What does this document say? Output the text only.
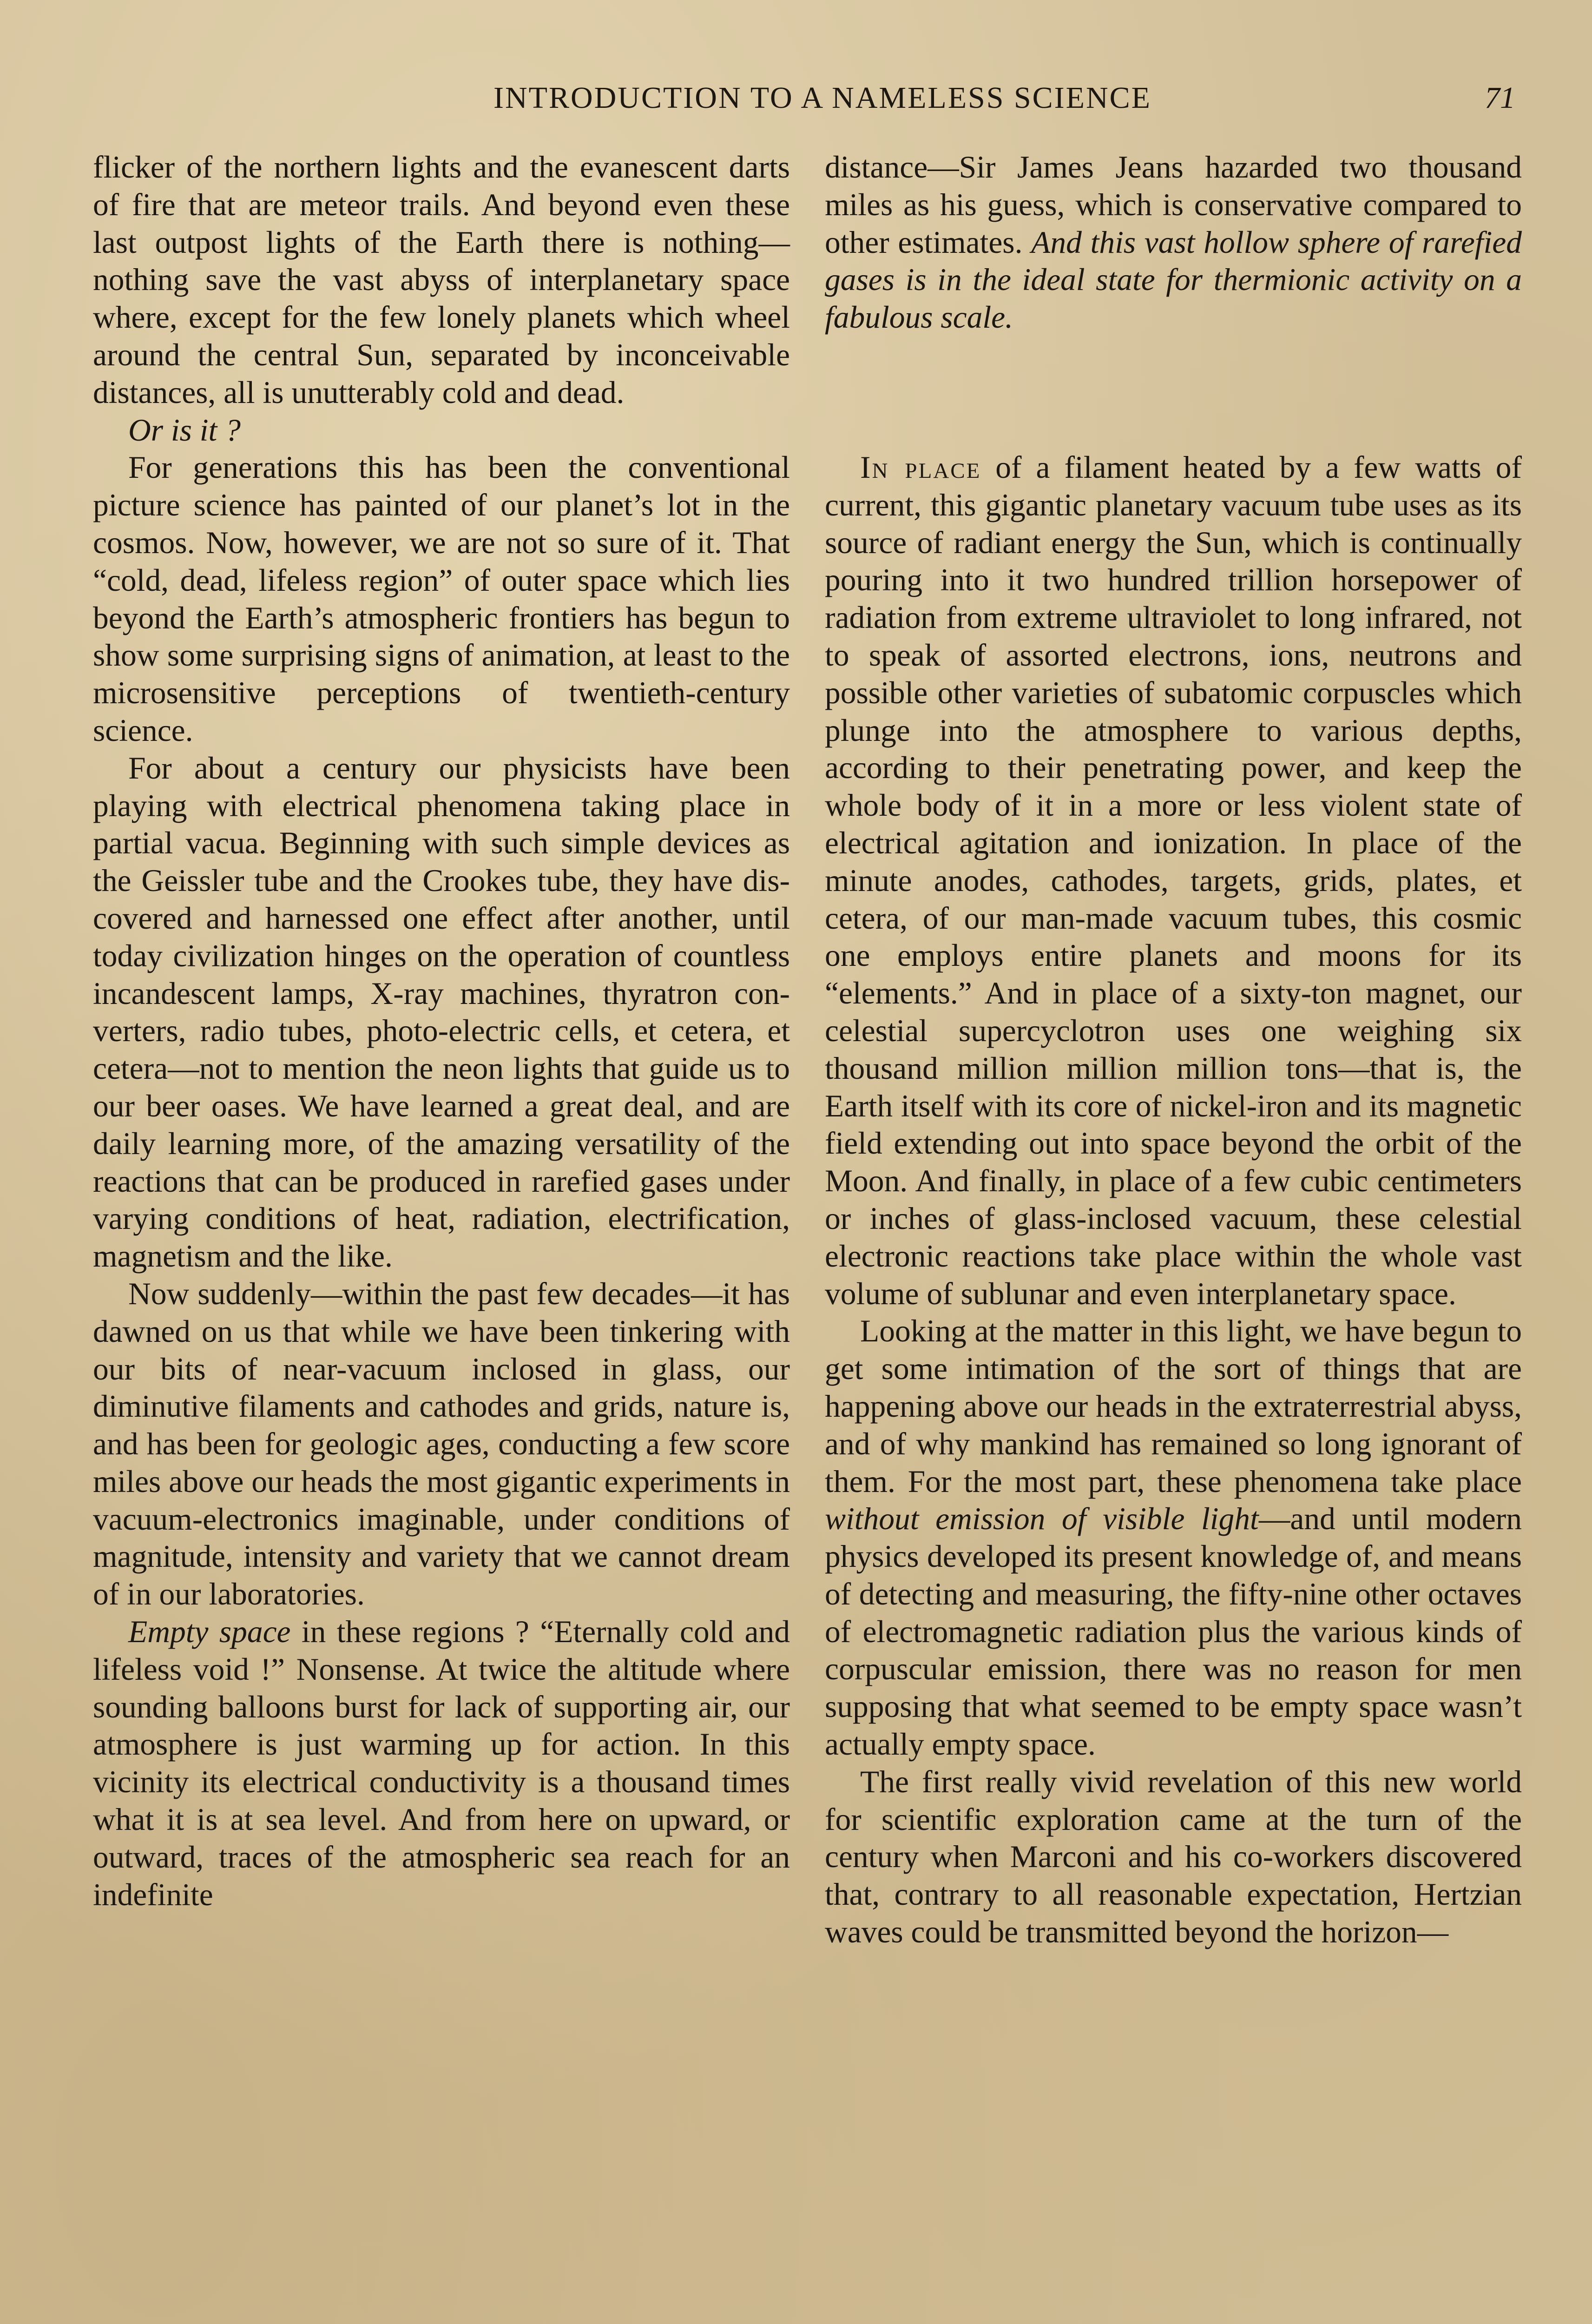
INTRODUCTION TO A NAMELESS SCIENCE	71

flicker of the northern lights and the evanescent darts of fire that are meteor trails. And beyond even these last outpost lights of the Earth there is nothing—nothing save the vast abyss of interplanetary space where, except for the few lonely planets which wheel around the central Sun, separated by inconceivable distances, all is unutterably cold and dead.

Or is it ?

For generations this has been the conventional picture science has painted of our planet’s lot in the cosmos. Now, however, we are not so sure of it. That “cold, dead, lifeless region” of outer space which lies beyond the Earth’s atmospheric frontiers has begun to show some surprising signs of animation, at least to the microsensitive perceptions of twentieth-century science.

For about a century our physicists have been playing with electrical phenomena taking place in partial vacua. Beginning with such simple devices as the Geissler tube and the Crookes tube, they have discovered and harnessed one effect after another, until today civilization hinges on the operation of countless incandescent lamps, X-ray machines, thyratron converters, radio tubes, photo-electric cells, et cetera, et cetera—not to mention the neon lights that guide us to our beer oases. We have learned a great deal, and are daily learning more, of the amazing versatility of the reactions that can be produced in rarefied gases under varying conditions of heat, radiation, electrification, magnetism and the like.

Now suddenly—within the past few decades—it has dawned on us that while we have been tinkering with our bits of near-vacuum inclosed in glass, our diminutive filaments and cathodes and grids, nature is, and has been for geologic ages, conducting a few score miles above our heads the most gigantic experiments in vacuum-electronics imaginable, under conditions of magnitude, intensity and variety that we cannot dream of in our laboratories.

Empty space in these regions ? “Eternally cold and lifeless void !” Nonsense. At twice the altitude where sounding balloons burst for lack of supporting air, our atmosphere is just warming up for action. In this vicinity its electrical conductivity is a thousand times what it is at sea level. And from here on upward, or outward, traces of the atmospheric sea reach for an indefinite

distance—Sir James Jeans hazarded two thousand miles as his guess, which is conservative compared to other estimates. And this vast hollow sphere of rarefied gases is in the ideal state for thermionic activity on a fabulous scale.

In place of a filament heated by a few watts of current, this gigantic planetary vacuum tube uses as its source of radiant energy the Sun, which is continually pouring into it two hundred trillion horsepower of radiation from extreme ultraviolet to long infrared, not to speak of assorted electrons, ions, neutrons and possible other varieties of subatomic corpuscles which plunge into the atmosphere to various depths, according to their penetrating power, and keep the whole body of it in a more or less violent state of electrical agitation and ionization. In place of the minute anodes, cathodes, targets, grids, plates, et cetera, of our man-made vacuum tubes, this cosmic one employs entire planets and moons for its “elements.” And in place of a sixty-ton magnet, our celestial supercyclotron uses one weighing six thousand million million million tons—that is, the Earth itself with its core of nickel-iron and its magnetic field extending out into space beyond the orbit of the Moon. And finally, in place of a few cubic centimeters or inches of glass-inclosed vacuum, these celestial electronic reactions take place within the whole vast volume of sublunar and even interplanetary space.

Looking at the matter in this light, we have begun to get some intimation of the sort of things that are happening above our heads in the extraterrestrial abyss, and of why mankind has remained so long ignorant of them. For the most part, these phenomena take place without emission of visible light—and until modern physics developed its present knowledge of, and means of detecting and measuring, the fifty-nine other octaves of electromagnetic radiation plus the various kinds of corpuscular emission, there was no reason for men supposing that what seemed to be empty space wasn’t actually empty space.

The first really vivid revelation of this new world for scientific exploration came at the turn of the century when Marconi and his co-workers discovered that, contrary to all reasonable expectation, Hertzian waves could be transmitted beyond the horizon—
